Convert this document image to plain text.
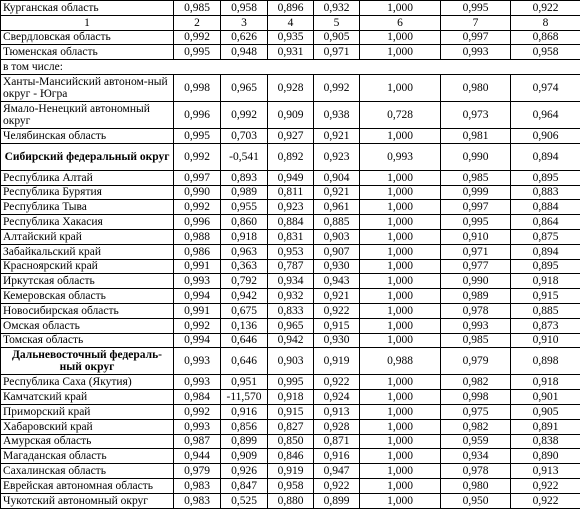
Курганская область	0,985	0,958	0,896	0,932	1,000	0,995	0,922
1	2	3	4	5	6	7	8
Свердловская область	0,992	0,626	0,935	0,905	1,000	0,997	0,868
Тюменская область	0,995	0,948	0,931	0,971	1,000	0,993	0,958
в том числе:							
Ханты-Мансийский автоном-ный округ - Югра	0,998	0,965	0,928	0,992	1,000	0,980	0,974
Ямало-Ненецкий автономный округ	0,996	0,992	0,909	0,938	0,728	0,973	0,964
Челябинская область	0,995	0,703	0,927	0,921	1,000	0,981	0,906
Сибирский федеральный округ	0,992	-0,541	0,892	0,923	0,993	0,990	0,894
Республика Алтай	0,997	0,893	0,949	0,904	1,000	0,985	0,895
Республика Бурятия	0,990	0,989	0,811	0,921	1,000	0,999	0,883
Республика Тыва	0,992	0,955	0,923	0,961	1,000	0,997	0,884
Республика Хакасия	0,996	0,860	0,884	0,885	1,000	0,995	0,864
Алтайский край	0,988	0,918	0,831	0,903	1,000	0,910	0,875
Забайкальский край	0,986	0,963	0,953	0,907	1,000	0,971	0,894
Красноярский край	0,991	0,363	0,787	0,930	1,000	0,977	0,895
Иркутская область	0,993	0,792	0,934	0,943	1,000	0,990	0,918
Кемеровская область	0,994	0,942	0,932	0,921	1,000	0,989	0,915
Новосибирская область	0,991	0,675	0,833	0,922	1,000	0,978	0,885
Омская область	0,992	0,136	0,965	0,915	1,000	0,993	0,873
Томская область	0,994	0,646	0,942	0,930	1,000	0,985	0,910
Дальневосточный федераль-ный округ	0,993	0,646	0,903	0,919	0,988	0,979	0,898
Республика Саха (Якутия)	0,993	0,951	0,995	0,922	1,000	0,982	0,918
Камчатский край	0,984	-11,570	0,918	0,924	1,000	0,998	0,901
Приморский край	0,992	0,916	0,915	0,913	1,000	0,975	0,905
Хабаровский край	0,993	0,856	0,827	0,928	1,000	0,982	0,891
Амурская область	0,987	0,899	0,850	0,871	1,000	0,959	0,838
Магаданская область	0,944	0,909	0,846	0,916	1,000	0,934	0,890
Сахалинская область	0,979	0,926	0,919	0,947	1,000	0,978	0,913
Еврейская автономная область	0,983	0,847	0,958	0,922	1,000	0,980	0,922
Чукотский автономный округ	0,983	0,525	0,880	0,899	1,000	0,950	0,922
